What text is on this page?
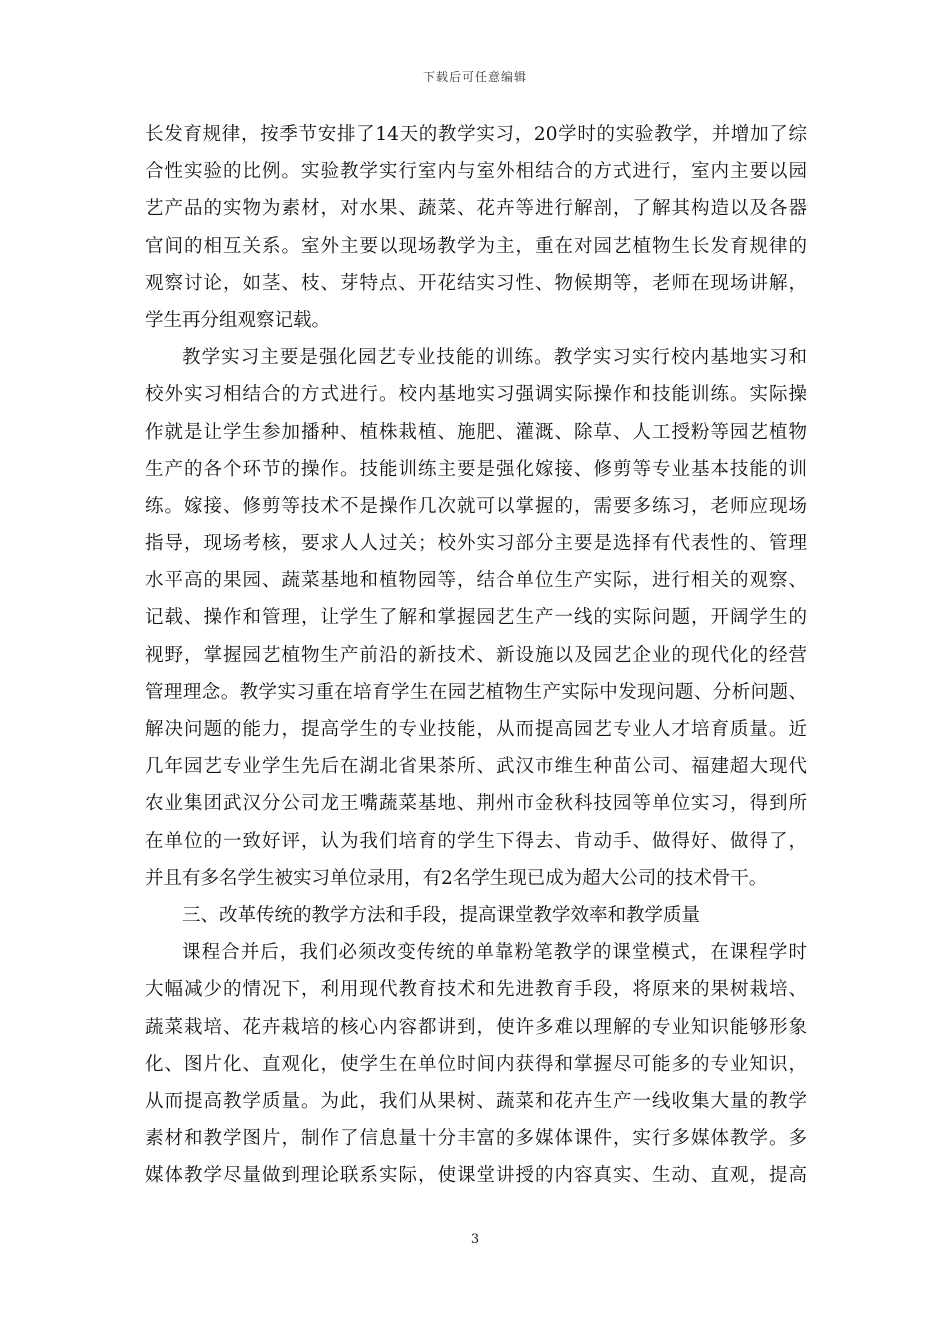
下载后可任意编辑
长发育规律，按季节安排了14天的教学实习，20学时的实验教学，并增加了综
合性实验的比例。实验教学实行室内与室外相结合的方式进行，室内主要以园
艺产品的实物为素材，对水果、蔬菜、花卉等进行解剖，了解其构造以及各器
官间的相互关系。室外主要以现场教学为主，重在对园艺植物生长发育规律的
观察讨论，如茎、枝、芽特点、开花结实习性、物候期等，老师在现场讲解，
学生再分组观察记载。
教学实习主要是强化园艺专业技能的训练。教学实习实行校内基地实习和
校外实习相结合的方式进行。校内基地实习强调实际操作和技能训练。实际操
作就是让学生参加播种、植株栽植、施肥、灌溉、除草、人工授粉等园艺植物
生产的各个环节的操作。技能训练主要是强化嫁接、修剪等专业基本技能的训
练。嫁接、修剪等技术不是操作几次就可以掌握的，需要多练习，老师应现场
指导，现场考核，要求人人过关；校外实习部分主要是选择有代表性的、管理
水平高的果园、蔬菜基地和植物园等，结合单位生产实际，进行相关的观察、
记载、操作和管理，让学生了解和掌握园艺生产一线的实际问题，开阔学生的
视野，掌握园艺植物生产前沿的新技术、新设施以及园艺企业的现代化的经营
管理理念。教学实习重在培育学生在园艺植物生产实际中发现问题、分析问题、
解决问题的能力，提高学生的专业技能，从而提高园艺专业人才培育质量。近
几年园艺专业学生先后在湖北省果茶所、武汉市维生种苗公司、福建超大现代
农业集团武汉分公司龙王嘴蔬菜基地、荆州市金秋科技园等单位实习，得到所
在单位的一致好评，认为我们培育的学生下得去、肯动手、做得好、做得了，
并且有多名学生被实习单位录用，有2名学生现已成为超大公司的技术骨干。
三、改革传统的教学方法和手段，提高课堂教学效率和教学质量
课程合并后，我们必须改变传统的单靠粉笔教学的课堂模式，在课程学时
大幅减少的情况下，利用现代教育技术和先进教育手段，将原来的果树栽培、
蔬菜栽培、花卉栽培的核心内容都讲到，使许多难以理解的专业知识能够形象
化、图片化、直观化，使学生在单位时间内获得和掌握尽可能多的专业知识，
从而提高教学质量。为此，我们从果树、蔬菜和花卉生产一线收集大量的教学
素材和教学图片，制作了信息量十分丰富的多媒体课件，实行多媒体教学。多
媒体教学尽量做到理论联系实际，使课堂讲授的内容真实、生动、直观，提高
3
